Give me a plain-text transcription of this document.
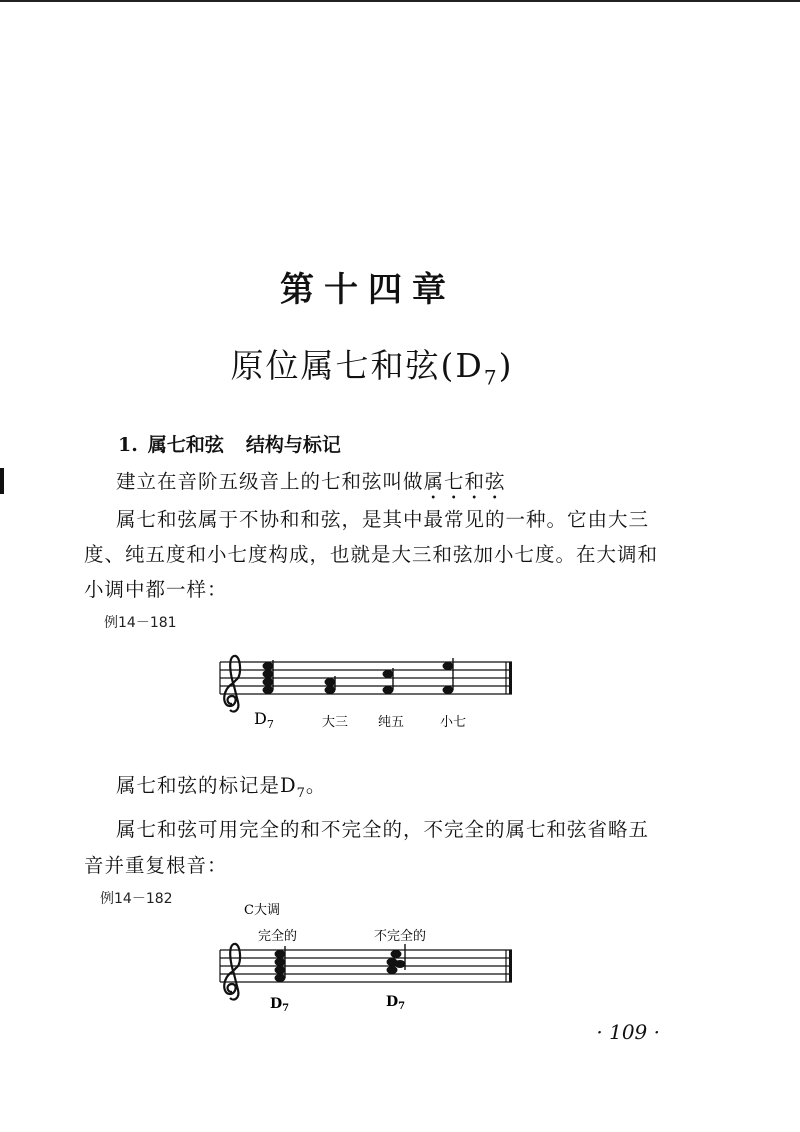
第十四章
原位属七和弦$(D_7)$
1. 属七和弦 结构与标记
建立在音阶五级音上的七和弦叫做属七和弦
属七和弦属于不协和和弦，是其中最常见的一种。它由大三
度、纯五度和小七度构成，也就是大三和弦加小七度。在大调和
小调中都一样：
例14－181
$D_7$	大三 纯五	小七
属七和弦的标记是$D_7$。
属七和弦可用完全的和不完全的，不完全的属七和弦省略五
音并重复根音：
例14－182
C大调
完全的	不完全的
$D_7$	$D_7$
· 109 ·
